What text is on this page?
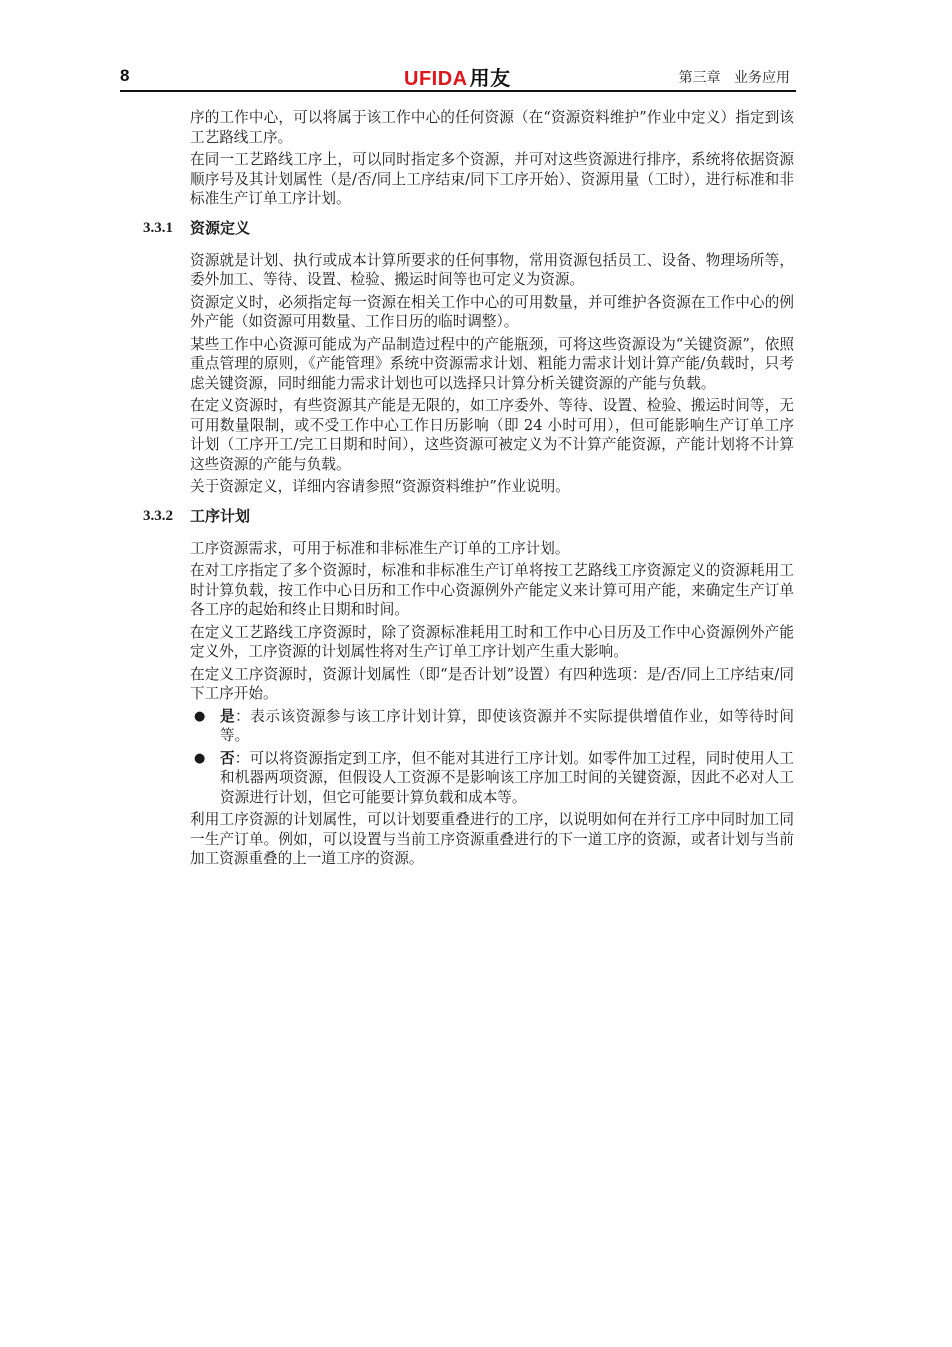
8	UFIDA 用友	第三章   业务应用

序的工作中心，可以将属于该工作中心的任何资源（在“资源资料维护”作业中定义）指定到该工艺路线工序。

在同一工艺路线工序上，可以同时指定多个资源，并可对这些资源进行排序，系统将依据资源顺序号及其计划属性（是/否/同上工序结束/同下工序开始）、资源用量（工时），进行标准和非标准生产订单工序计划。

3.3.1 资源定义

资源就是计划、执行或成本计算所要求的任何事物，常用资源包括员工、设备、物理场所等，委外加工、等待、设置、检验、搬运时间等也可定义为资源。

资源定义时，必须指定每一资源在相关工作中心的可用数量，并可维护各资源在工作中心的例外产能（如资源可用数量、工作日历的临时调整）。

某些工作中心资源可能成为产品制造过程中的产能瓶颈，可将这些资源设为“关键资源”，依照重点管理的原则，《产能管理》系统中资源需求计划、粗能力需求计划计算产能/负载时，只考虑关键资源，同时细能力需求计划也可以选择只计算分析关键资源的产能与负载。

在定义资源时，有些资源其产能是无限的，如工序委外、等待、设置、检验、搬运时间等，无可用数量限制，或不受工作中心工作日历影响（即 24 小时可用），但可能影响生产订单工序计划（工序开工/完工日期和时间），这些资源可被定义为不计算产能资源，产能计划将不计算这些资源的产能与负载。

关于资源定义，详细内容请参照“资源资料维护”作业说明。

3.3.2 工序计划

工序资源需求，可用于标准和非标准生产订单的工序计划。

在对工序指定了多个资源时，标准和非标准生产订单将按工艺路线工序资源定义的资源耗用工时计算负载，按工作中心日历和工作中心资源例外产能定义来计算可用产能，来确定生产订单各工序的起始和终止日期和时间。

在定义工艺路线工序资源时，除了资源标准耗用工时和工作中心日历及工作中心资源例外产能定义外，工序资源的计划属性将对生产订单工序计划产生重大影响。

在定义工序资源时，资源计划属性（即“是否计划”设置）有四种选项：是/否/同上工序结束/同下工序开始。

● 是：表示该资源参与该工序计划计算，即使该资源并不实际提供增值作业，如等待时间等。
● 否：可以将资源指定到工序，但不能对其进行工序计划。如零件加工过程，同时使用人工和机器两项资源，但假设人工资源不是影响该工序加工时间的关键资源，因此不必对人工资源进行计划，但它可能要计算负载和成本等。

利用工序资源的计划属性，可以计划要重叠进行的工序，以说明如何在并行工序中同时加工同一生产订单。例如，可以设置与当前工序资源重叠进行的下一道工序的资源，或者计划与当前加工资源重叠的上一道工序的资源。
